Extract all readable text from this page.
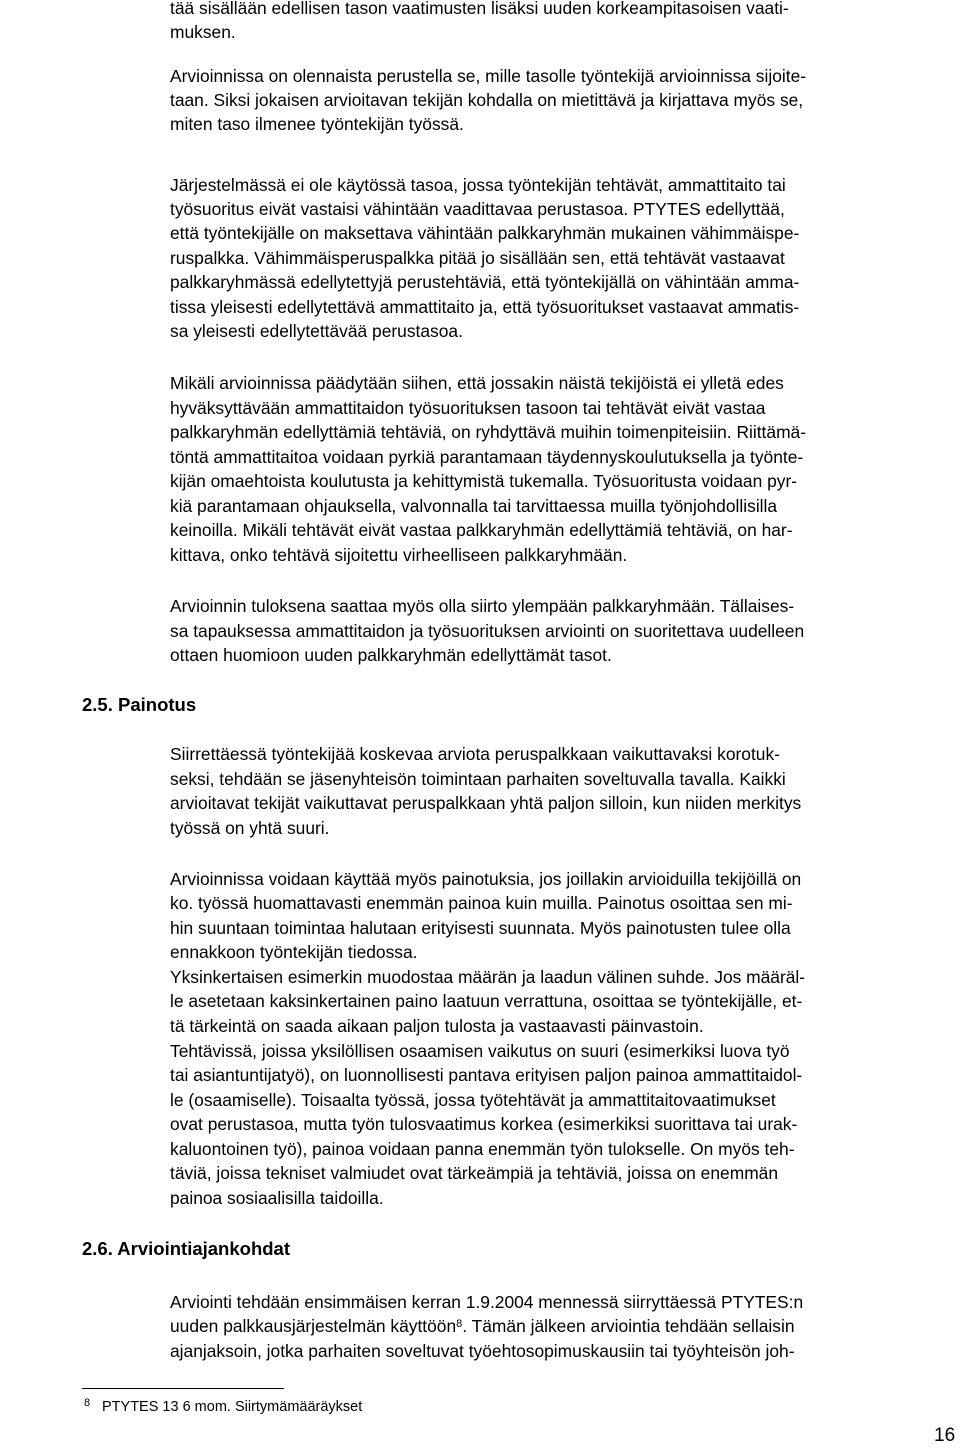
tää sisällään edellisen tason vaatimusten lisäksi uuden korkeampitasoisen vaati-
muksen.
Arvioinnissa on olennaista perustella se, mille tasolle työntekijä arvioinnissa sijoite-
taan. Siksi jokaisen arvioitavan tekijän kohdalla on mietittävä ja kirjattava myös se,
miten taso ilmenee työntekijän työssä.
Järjestelmässä ei ole käytössä tasoa, jossa työntekijän tehtävät, ammattitaito tai
työsuoritus eivät vastaisi vähintään vaadittavaa perustasoa. PTYTES edellyttää,
että työntekijälle on maksettava vähintään palkkaryhmän mukainen vähimmäispe-
ruspalkka. Vähimmäisperuspalkka pitää jo sisällään sen, että tehtävät vastaavat
palkkaryhmässä edellytettyjä perustehtäviä, että työntekijällä on vähintään amma-
tissa yleisesti edellytettävä ammattitaito ja, että työsuoritukset vastaavat ammatis-
sa yleisesti edellytettävää perustasoa.
Mikäli arvioinnissa päädytään siihen, että jossakin näistä tekijöistä ei ylletä edes
hyväksyttävään ammattitaidon työsuorituksen tasoon tai tehtävät eivät vastaa
palkkaryhmän edellyttämiä tehtäviä, on ryhdyttävä muihin toimenpiteisiin. Riittämä-
töntä ammattitaitoa voidaan pyrkiä parantamaan täydennyskoulutuksella ja työnte-
kijän omaehtoista koulutusta ja kehittymistä tukemalla. Työsuoritusta voidaan pyr-
kiä parantamaan ohjauksella, valvonnalla tai tarvittaessa muilla työnjohdollisilla
keinoilla. Mikäli tehtävät eivät vastaa palkkaryhmän edellyttämiä tehtäviä, on har-
kittava, onko tehtävä sijoitettu virheelliseen palkkaryhmään.
Arvioinnin tuloksena saattaa myös olla siirto ylempään palkkaryhmään. Tällaises-
sa tapauksessa ammattitaidon ja työsuorituksen arviointi on suoritettava uudelleen
ottaen huomioon uuden palkkaryhmän edellyttämät tasot.
2.5. Painotus
Siirrettäessä työntekijää koskevaa arviota peruspalkkaan vaikuttavaksi korotuk-
seksi, tehdään se jäsenyhteisön toimintaan parhaiten soveltuvalla tavalla. Kaikki
arvioitavat tekijät vaikuttavat peruspalkkaan yhtä paljon silloin, kun niiden merkitys
työssä on yhtä suuri.
Arvioinnissa voidaan käyttää myös painotuksia, jos joillakin arvioiduilla tekijöillä on
ko. työssä huomattavasti enemmän painoa kuin muilla. Painotus osoittaa sen mi-
hin suuntaan toimintaa halutaan erityisesti suunnata. Myös painotusten tulee olla
ennakkoon työntekijän tiedossa.
Yksinkertaisen esimerkin muodostaa määrän ja laadun välinen suhde. Jos määräl-
le asetetaan kaksinkertainen paino laatuun verrattuna, osoittaa se työntekijälle, et-
tä tärkeintä on saada aikaan paljon tulosta ja vastaavasti päinvastoin.
Tehtävissä, joissa yksilöllisen osaamisen vaikutus on suuri (esimerkiksi luova työ
tai asiantuntijatyö), on luonnollisesti pantava erityisen paljon painoa ammattitaidol-
le (osaamiselle). Toisaalta työssä, jossa työtehtävät ja ammattitaitovaatimukset
ovat perustasoa, mutta työn tulosvaatimus korkea (esimerkiksi suorittava tai urak-
kaluontoinen työ), painoa voidaan panna enemmän työn tulokselle. On myös teh-
täviä, joissa tekniset valmiudet ovat tärkeämpiä ja tehtäviä, joissa on enemmän
painoa sosiaalisilla taidoilla.
2.6. Arviointiajankohdat
Arviointi tehdään ensimmäisen kerran 1.9.2004 mennessä siirryttäessä PTYTES:n
uuden palkkausjärjestelmän käyttöön$^8$. Tämän jälkeen arviointia tehdään sellaisin
ajanjaksoin, jotka parhaiten soveltuvat työehtosopimuskausiin tai työyhteisön joh-
8 PTYTES 13 6 mom. Siirtymämääräykset
16
